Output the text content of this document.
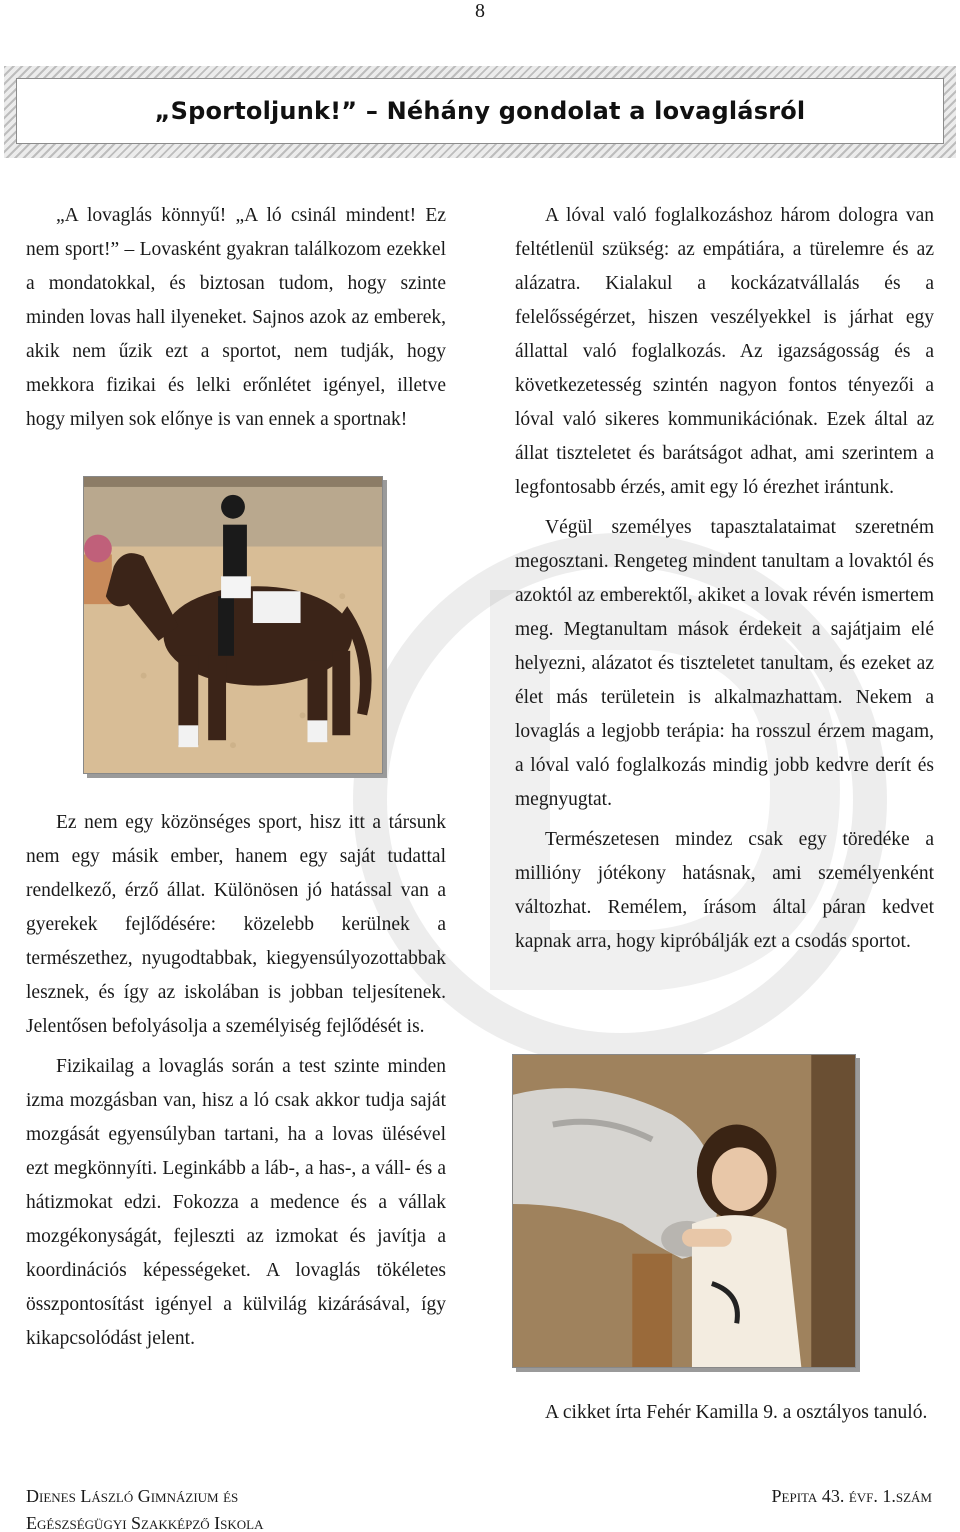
8
„Sportoljunk!” – Néhány gondolat a lovaglásról

„A lovaglás könnyű! „A ló csinál mindent! Ez nem sport!” – Lovasként gyakran találkozom ezekkel a mondatokkal, és biztosan tudom, hogy szinte minden lovas hall ilyeneket. Sajnos azok az emberek, akik nem űzik ezt a sportot, nem tudják, hogy mekkora fizikai és lelki erőnlétet igényel, illetve hogy milyen sok előnye is van ennek a sportnak!

Ez nem egy közönséges sport, hisz itt a társunk nem egy másik ember, hanem egy saját tudattal rendelkező, érző állat. Különösen jó hatással van a gyerekek fejlődésére: közelebb kerülnek a természethez, nyugodtabbak, kiegyensúlyozottabbak lesznek, és így az iskolában is jobban teljesítenek. Jelentősen befolyásolja a személyiség fejlődését is.

Fizikailag a lovaglás során a test szinte minden izma mozgásban van, hisz a ló csak akkor tudja saját mozgását egyensúlyban tartani, ha a lovas ülésével ezt megkönnyíti. Leginkább a láb-, a has-, a váll- és a hátizmokat edzi. Fokozza a medence és a vállak mozgékonyságát, fejleszti az izmokat és javítja a koordinációs képességeket. A lovaglás tökéletes összpontosítást igényel a külvilág kizárásával, így kikapcsolódást jelent.

A lóval való foglalkozáshoz három dologra van feltétlenül szükség: az empátiára, a türelemre és az alázatra. Kialakul a kockázatvállalás és a felelősségérzet, hiszen veszélyekkel is járhat egy állattal való foglalkozás. Az igazságosság és a következetesség szintén nagyon fontos tényezői a lóval való sikeres kommunikációnak. Ezek által az állat tiszteletet és barátságot adhat, ami szerintem a legfontosabb érzés, amit egy ló érezhet irántunk.

Végül személyes tapasztalataimat szeretném megosztani. Rengeteg mindent tanultam a lovaktól és azoktól az emberektől, akiket a lovak révén ismertem meg. Megtanultam mások érdekeit a sajátjaim elé helyezni, alázatot és tiszteletet tanultam, és ezeket az élet más területein is alkalmazhattam. Nekem a lovaglás a legjobb terápia: ha rosszul érzem magam, a lóval való foglalkozás mindig jobb kedvre derít és megnyugtat.

Természetesen mindez csak egy töredéke a millióny jótékony hatásnak, ami személyenként változhat. Remélem, írásom által páran kedvet kapnak arra, hogy kipróbálják ezt a csodás sportot.

A cikket írta Fehér Kamilla 9. a osztályos tanuló.
Dienes László Gimnázium és
Egészségügyi Szakképző Iskola
Pepita 43. évf. 1.szám
